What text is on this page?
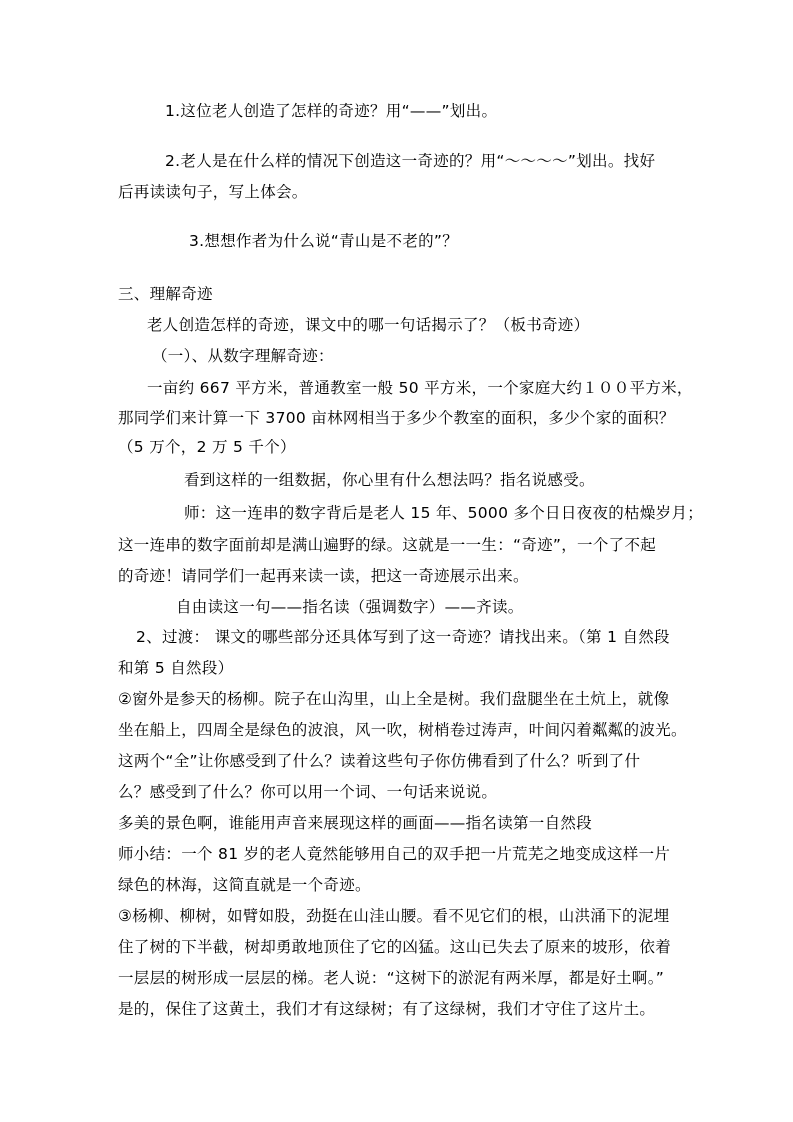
1.这位老人创造了怎样的奇迹？用“——”划出。
2.老人是在什么样的情况下创造这一奇迹的？用“～～～～”划出。找好
后再读读句子，写上体会。
3.想想作者为什么说“青山是不老的”？
三、理解奇迹
老人创造怎样的奇迹，课文中的哪一句话揭示了？（板书奇迹）
（一）、从数字理解奇迹：
一亩约 667 平方米，普通教室一般 50 平方米，一个家庭大约１００平方米，
那同学们来计算一下 3700 亩林网相当于多少个教室的面积，多少个家的面积？
（5 万个，2 万 5 千个）
看到这样的一组数据，你心里有什么想法吗？指名说感受。
师：这一连串的数字背后是老人 15 年、5000 多个日日夜夜的枯燥岁月；
这一连串的数字面前却是满山遍野的绿。这就是一一生：“奇迹”，一个了不起
的奇迹！请同学们一起再来读一读，把这一奇迹展示出来。
自由读这一句——指名读（强调数字）——齐读。
2、过渡： 课文的哪些部分还具体写到了这一奇迹？请找出来。（第 1 自然段
和第 5 自然段）
②窗外是参天的杨柳。院子在山沟里，山上全是树。我们盘腿坐在土炕上，就像
坐在船上，四周全是绿色的波浪，风一吹，树梢卷过涛声，叶间闪着粼粼的波光。
这两个“全”让你感受到了什么？读着这些句子你仿佛看到了什么？听到了什
么？感受到了什么？你可以用一个词、一句话来说说。
多美的景色啊，谁能用声音来展现这样的画面——指名读第一自然段
师小结：一个 81 岁的老人竟然能够用自己的双手把一片荒芜之地变成这样一片
绿色的林海，这简直就是一个奇迹。
③杨柳、柳树，如臂如股，劲挺在山洼山腰。看不见它们的根，山洪涌下的泥埋
住了树的下半截，树却勇敢地顶住了它的凶猛。这山已失去了原来的坡形，依着
一层层的树形成一层层的梯。老人说：“这树下的淤泥有两米厚，都是好土啊。”
是的，保住了这黄土，我们才有这绿树；有了这绿树，我们才守住了这片土。
